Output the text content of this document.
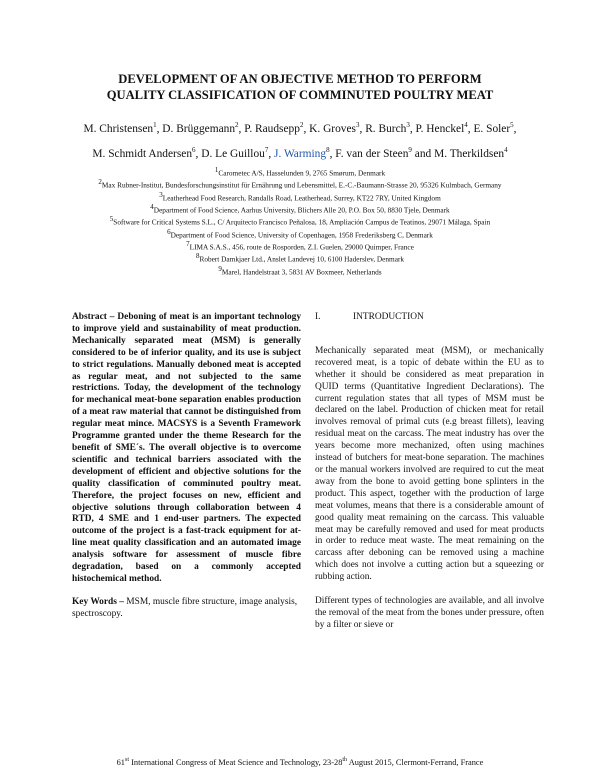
DEVELOPMENT OF AN OBJECTIVE METHOD TO PERFORM
QUALITY CLASSIFICATION OF COMMINUTED POULTRY MEAT
M. Christensen$^1$, D. Brüggemann$^2$, P. Raudsepp$^2$, K. Groves$^3$, R. Burch$^3$, P. Henckel$^4$, E. Soler$^5$,
M. Schmidt Andersen$^6$, D. Le Guillou$^7$, J. Warming$^8$, F. van der Steen$^9$ and M. Therkildsen$^4$
$^1$Carometec A/S, Hasselunden 9, 2765 Smørum, Denmark
$^2$Max Rubner-Institut, Bundesforschungsinstitut für Ernährung und Lebensmittel, E.-C.-Baumann-Strasse 20, 95326 Kulmbach, Germany
$^3$Leatherhead Food Research, Randalls Road, Leatherhead, Surrey, KT22 7RY, United Kingdom
$^4$Department of Food Science, Aarhus University, Blichers Alle 20, P.O. Box 50, 8830 Tjele, Denmark
$^5$Software for Critical Systems S.L., C/ Arquitecto Francisco Peñalosa, 18, Ampliación Campus de Teatinos, 29071 Málaga, Spain
$^6$Department of Food Science, University of Copenhagen, 1958 Frederiksberg C, Denmark
$^7$LIMA S.A.S., 456, route de Rosporden, Z.I. Guelen, 29000 Quimper, France
$^8$Robert Damkjaer Ltd., Anslet Landevej 10, 6100 Haderslev, Denmark
$^9$Marel, Handelstraat 3, 5831 AV Boxmeer, Netherlands

Abstract – Deboning of meat is an important technology to improve yield and sustainability of meat production. Mechanically separated meat (MSM) is generally considered to be of inferior quality, and its use is subject to strict regulations. Manually deboned meat is accepted as regular meat, and not subjected to the same restrictions. Today, the development of the technology for mechanical meat-bone separation enables production of a meat raw material that cannot be distinguished from regular meat mince. MACSYS is a Seventh Framework Programme granted under the theme Research for the benefit of SME´s. The overall objective is to overcome scientific and technical barriers associated with the development of efficient and objective solutions for the quality classification of comminuted poultry meat. Therefore, the project focuses on new, efficient and objective solutions through collaboration between 4 RTD, 4 SME and 1 end-user partners. The expected outcome of the project is a fast-track equipment for at-line meat quality classification and an automated image analysis software for assessment of muscle fibre degradation, based on a commonly accepted histochemical method.

Key Words – MSM, muscle fibre structure, image analysis, spectroscopy.

I.	INTRODUCTION

Mechanically separated meat (MSM), or mechanically recovered meat, is a topic of debate within the EU as to whether it should be considered as meat preparation in QUID terms (Quantitative Ingredient Declarations). The current regulation states that all types of MSM must be declared on the label. Production of chicken meat for retail involves removal of primal cuts (e.g breast fillets), leaving residual meat on the carcass. The meat industry has over the years become more mechanized, often using machines instead of butchers for meat-bone separation. The machines or the manual workers involved are required to cut the meat away from the bone to avoid getting bone splinters in the product. This aspect, together with the production of large meat volumes, means that there is a considerable amount of good quality meat remaining on the carcass. This valuable meat may be carefully removed and used for meat products in order to reduce meat waste. The meat remaining on the carcass after deboning can be removed using a machine which does not involve a cutting action but a squeezing or rubbing action.

Different types of technologies are available, and all involve the removal of the meat from the bones under pressure, often by a filter or sieve or

61st International Congress of Meat Science and Technology, 23-28th August 2015, Clermont-Ferrand, France
